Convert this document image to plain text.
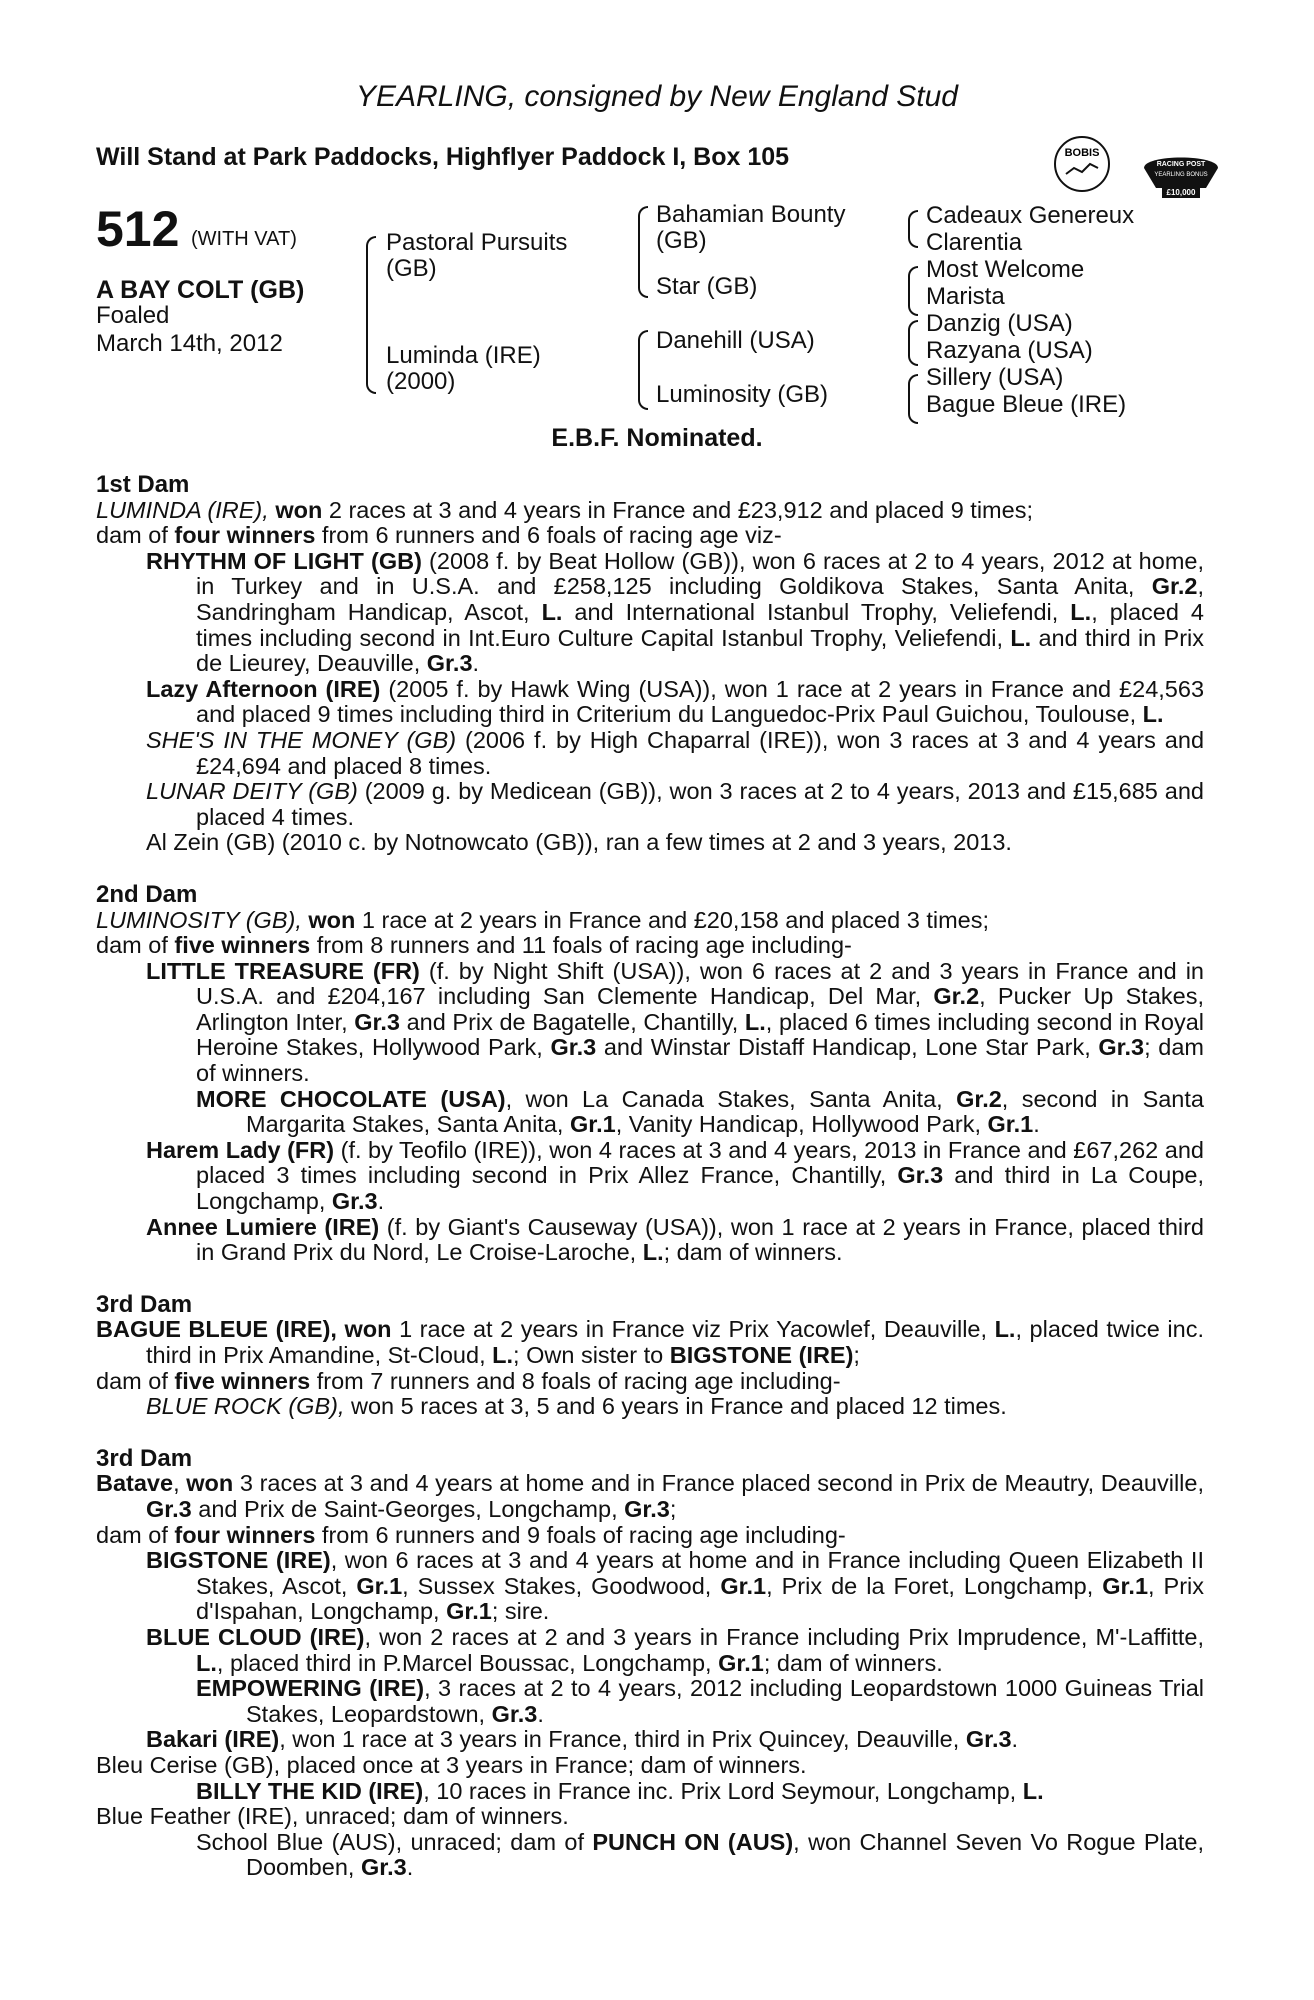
YEARLING, consigned by New England Stud
Will Stand at Park Paddocks, Highflyer Paddock I, Box 105	BOBIS
RACING POST
YEARLING BONUS
£10,000
512 (WITH VAT)
A BAY COLT (GB)
Foaled
March 14th, 2012
Pastoral Pursuits
(GB)
Luminda (IRE)
(2000)
Bahamian Bounty
(GB)
Star (GB)
Danehill (USA)
Luminosity (GB)
Cadeaux Genereux
Clarentia
Most Welcome
Marista
Danzig (USA)
Razyana (USA)
Sillery (USA)
Bague Bleue (IRE)
E.B.F. Nominated.
1st Dam
LUMINDA (IRE), won 2 races at 3 and 4 years in France and £23,912 and placed 9 times;
dam of four winners from 6 runners and 6 foals of racing age viz-
RHYTHM OF LIGHT (GB) (2008 f. by Beat Hollow (GB)), won 6 races at 2 to 4 years, 2012 at home, in Turkey and in U.S.A. and £258,125 including Goldikova Stakes, Santa Anita, Gr.2, Sandringham Handicap, Ascot, L. and International Istanbul Trophy, Veliefendi, L., placed 4 times including second in Int.Euro Culture Capital Istanbul Trophy, Veliefendi, L. and third in Prix de Lieurey, Deauville, Gr.3.
Lazy Afternoon (IRE) (2005 f. by Hawk Wing (USA)), won 1 race at 2 years in France and £24,563 and placed 9 times including third in Criterium du Languedoc-Prix Paul Guichou, Toulouse, L.
SHE'S IN THE MONEY (GB) (2006 f. by High Chaparral (IRE)), won 3 races at 3 and 4 years and £24,694 and placed 8 times.
LUNAR DEITY (GB) (2009 g. by Medicean (GB)), won 3 races at 2 to 4 years, 2013 and £15,685 and placed 4 times.
Al Zein (GB) (2010 c. by Notnowcato (GB)), ran a few times at 2 and 3 years, 2013.
2nd Dam
LUMINOSITY (GB), won 1 race at 2 years in France and £20,158 and placed 3 times;
dam of five winners from 8 runners and 11 foals of racing age including-
LITTLE TREASURE (FR) (f. by Night Shift (USA)), won 6 races at 2 and 3 years in France and in U.S.A. and £204,167 including San Clemente Handicap, Del Mar, Gr.2, Pucker Up Stakes, Arlington Inter, Gr.3 and Prix de Bagatelle, Chantilly, L., placed 6 times including second in Royal Heroine Stakes, Hollywood Park, Gr.3 and Winstar Distaff Handicap, Lone Star Park, Gr.3; dam of winners.
MORE CHOCOLATE (USA), won La Canada Stakes, Santa Anita, Gr.2, second in Santa Margarita Stakes, Santa Anita, Gr.1, Vanity Handicap, Hollywood Park, Gr.1.
Harem Lady (FR) (f. by Teofilo (IRE)), won 4 races at 3 and 4 years, 2013 in France and £67,262 and placed 3 times including second in Prix Allez France, Chantilly, Gr.3 and third in La Coupe, Longchamp, Gr.3.
Annee Lumiere (IRE) (f. by Giant's Causeway (USA)), won 1 race at 2 years in France, placed third in Grand Prix du Nord, Le Croise-Laroche, L.; dam of winners.
3rd Dam
BAGUE BLEUE (IRE), won 1 race at 2 years in France viz Prix Yacowlef, Deauville, L., placed twice inc. third in Prix Amandine, St-Cloud, L.; Own sister to BIGSTONE (IRE);
dam of five winners from 7 runners and 8 foals of racing age including-
BLUE ROCK (GB), won 5 races at 3, 5 and 6 years in France and placed 12 times.
3rd Dam
Batave, won 3 races at 3 and 4 years at home and in France placed second in Prix de Meautry, Deauville, Gr.3 and Prix de Saint-Georges, Longchamp, Gr.3;
dam of four winners from 6 runners and 9 foals of racing age including-
BIGSTONE (IRE), won 6 races at 3 and 4 years at home and in France including Queen Elizabeth II Stakes, Ascot, Gr.1, Sussex Stakes, Goodwood, Gr.1, Prix de la Foret, Longchamp, Gr.1, Prix d'Ispahan, Longchamp, Gr.1; sire.
BLUE CLOUD (IRE), won 2 races at 2 and 3 years in France including Prix Imprudence, M'-Laffitte, L., placed third in P.Marcel Boussac, Longchamp, Gr.1; dam of winners.
EMPOWERING (IRE), 3 races at 2 to 4 years, 2012 including Leopardstown 1000 Guineas Trial Stakes, Leopardstown, Gr.3.
Bakari (IRE), won 1 race at 3 years in France, third in Prix Quincey, Deauville, Gr.3.
Bleu Cerise (GB), placed once at 3 years in France; dam of winners.
BILLY THE KID (IRE), 10 races in France inc. Prix Lord Seymour, Longchamp, L.
Blue Feather (IRE), unraced; dam of winners.
School Blue (AUS), unraced; dam of PUNCH ON (AUS), won Channel Seven Vo Rogue Plate, Doomben, Gr.3.
